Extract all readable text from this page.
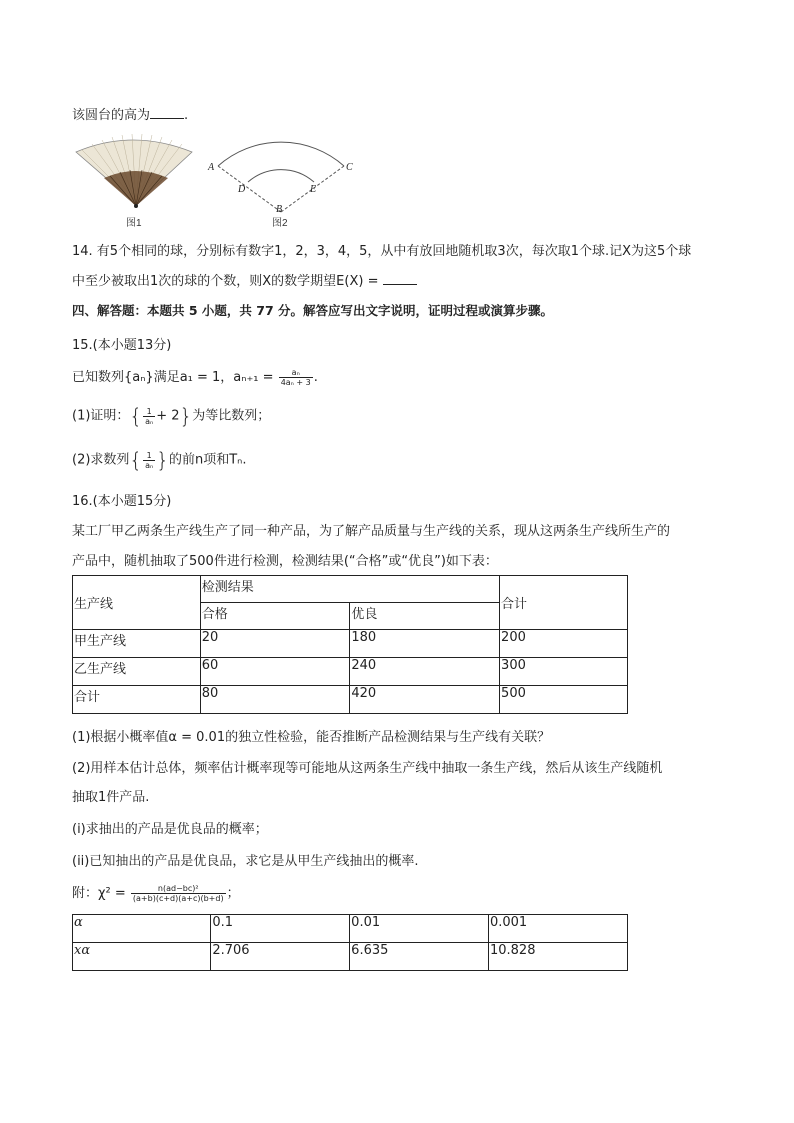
该圆台的高为	.
图1
A	C
D	E
B
图2
14. 有5个相同的球，分别标有数字1，2，3，4，5，从中有放回地随机取3次，每次取1个球.记X为这5个球
中至少被取出1次的球的个数，则X的数学期望E(X) =
四、解答题：本题共 5 小题，共 77 分。解答应写出文字说明，证明过程或演算步骤。
15.(本小题13分)
已知数列{aₙ}满足a₁ = 1，$a_{n+1} = \frac{\text{aₙ}}{\text{4aₙ + 3}}$ .
(1)证明：{ $\frac{1}{\text{aₙ}} + 2$}为等比数列；
(2)求数列{ $\frac{1}{\text{aₙ}}$ }的前n项和Tₙ.
16.(本小题15分)
某工厂甲乙两条生产线生产了同一种产品，为了解产品质量与生产线的关系，现从这两条生产线所生产的
产品中，随机抽取了500件进行检测，检测结果(“合格”或“优良”)如下表：
生产线	检测结果		合计
	合格	优良	
甲生产线	20	180	200
乙生产线	60	240	300
合计	80	420	500
(1)根据小概率值α = 0.01的独立性检验，能否推断产品检测结果与生产线有关联？
(2)用样本估计总体，频率估计概率现等可能地从这两条生产线中抽取一条生产线，然后从该生产线随机
抽取1件产品.
(i)求抽出的产品是优良品的概率；
(ii)已知抽出的产品是优良品，求它是从甲生产线抽出的概率.
附：$\chi^2 = \frac{\text{n(ad−bc)²}}{(a+b)(c+d)(a+c)(b+d)}$ ；
α	0.1	0.01	0.001
xα	2.706	6.635	10.828
